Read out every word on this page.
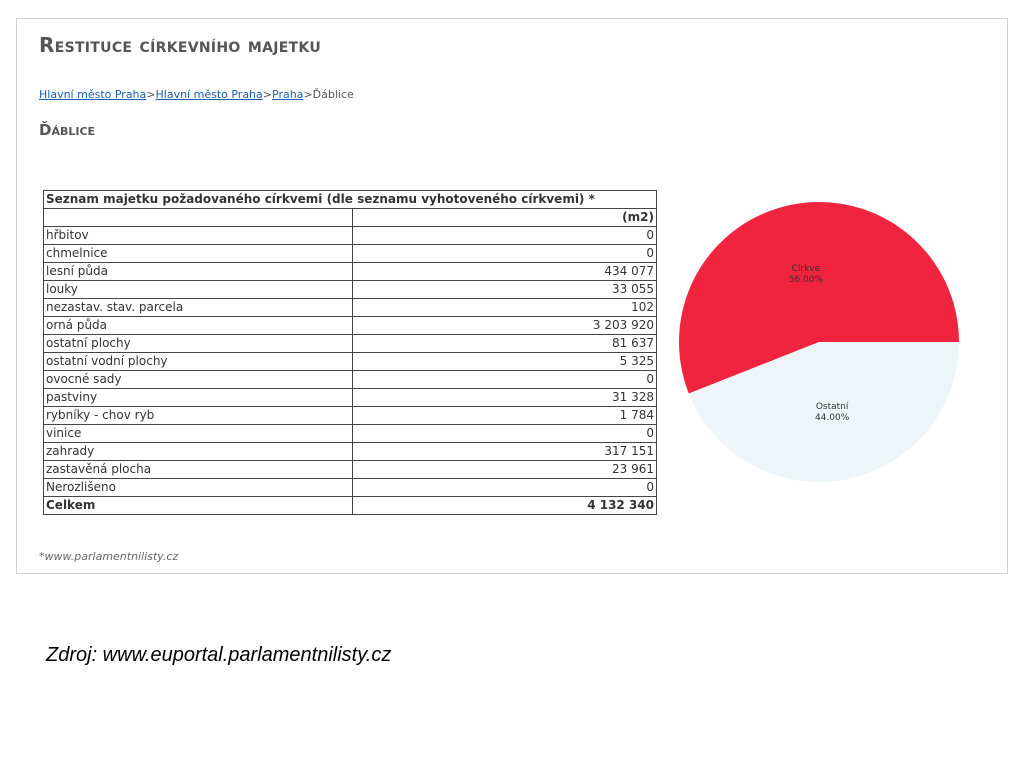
Restituce církevního majetku
Hlavní město Praha>Hlavní město Praha>Praha>Ďáblice
Ďáblice
Seznam majetku požadovaného církvemi (dle seznamu vyhotoveného církvemi) *	
	(m2)
hřbitov	0
chmelnice	0
lesní půda	434 077
louky	33 055
nezastav. stav. parcela	102
orná půda	3 203 920
ostatní plochy	81 637
ostatní vodní plochy	5 325
ovocné sady	0
pastviny	31 328
rybníky - chov ryb	1 784
vinice	0
zahrady	317 151
zastavěná plocha	23 961
Nerozlišeno	0
Celkem	4 132 340
Církve
56.00%
Ostatní
44.00%
*www.parlamentnilisty.cz
Zdroj: www.euportal.parlamentnilisty.cz
